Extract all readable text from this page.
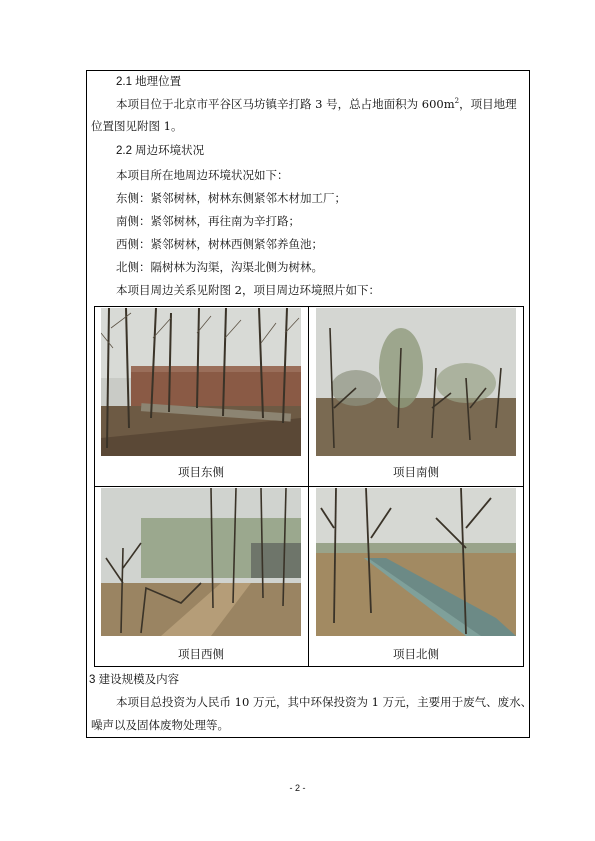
2.1 地理位置
本项目位于北京市平谷区马坊镇辛打路 3 号，总占地面积为 $600m^2$，项目地理
位置图见附图 1。
2.2 周边环境状况
本项目所在地周边环境状况如下：
东侧：紧邻树林，树林东侧紧邻木材加工厂；
南侧：紧邻树林，再往南为辛打路；
西侧：紧邻树林，树林西侧紧邻养鱼池；
北侧：隔树林为沟渠，沟渠北侧为树林。
本项目周边关系见附图 2，项目周边环境照片如下：
项目东侧	项目南侧
项目西侧	项目北侧
3 建设规模及内容
本项目总投资为人民币 10 万元，其中环保投资为 1 万元，主要用于废气、废水、
噪声以及固体废物处理等。
- 2 -
